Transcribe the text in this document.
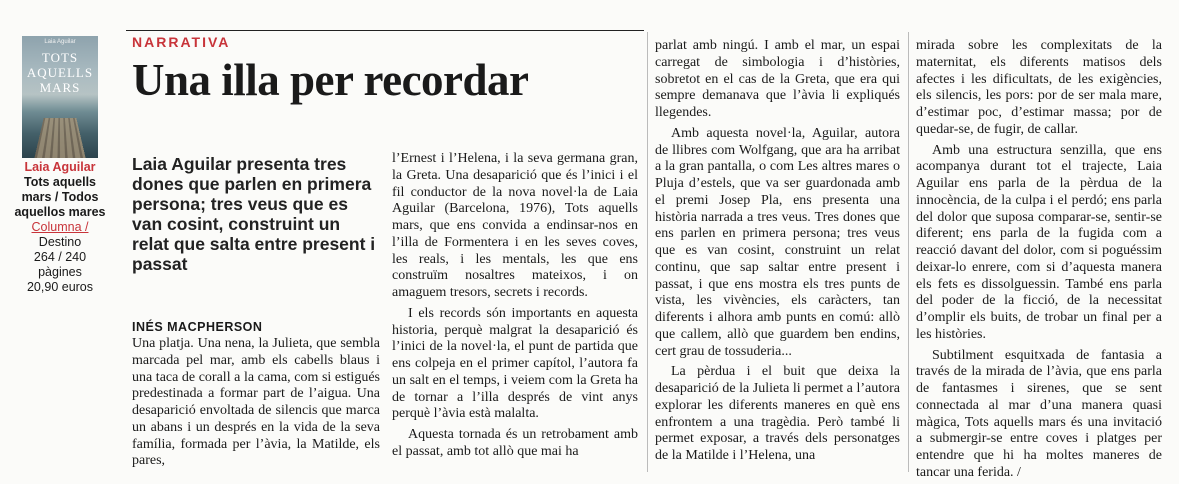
Laia Aguilar
TOTS
AQUELLS
MARS
Laia Aguilar
Tots aquells mars / Todos aquellos mares
Columna /
Destino
264 / 240
pàgines
20,90 euros
NARRATIVA
Una illa per recordar
Laia Aguilar presenta tres dones que parlen en primera persona; tres veus que es van cosint, construint un relat que salta entre present i passat
INÉS MACPHERSON

Una platja. Una nena, la Julieta, que sembla marcada pel mar, amb els cabells blaus i una taca de corall a la cama, com si estigués predestinada a formar part de l’aigua. Una desaparició envoltada de silencis que marca un abans i un després en la vida de la seva família, formada per l’àvia, la Matilde, els pares,

l’Ernest i l’Helena, i la seva germana gran, la Greta. Una desaparició que és l’inici i el fil conductor de la nova novel·la de Laia Aguilar (Barcelona, 1976), Tots aquells mars, que ens convida a endinsar-nos en l’illa de Formentera i en les seves coves, les reals, i les mentals, les que ens construïm nosaltres mateixos, i on amaguem tresors, secrets i records.

I els records són importants en aquesta historia, perquè malgrat la desaparició és l’inici de la novel·la, el punt de partida que ens colpeja en el primer capítol, l’autora fa un salt en el temps, i veiem com la Greta ha de tornar a l’illa després de vint anys perquè l’àvia està malalta.

Aquesta tornada és un retrobament amb el passat, amb tot allò que mai ha

parlat amb ningú. I amb el mar, un espai carregat de simbologia i d’històries, sobretot en el cas de la Greta, que era qui sempre demanava que l’àvia li expliqués llegendes.

Amb aquesta novel·la, Aguilar, autora de llibres com Wolfgang, que ara ha arribat a la gran pantalla, o com Les altres mares o Pluja d’estels, que va ser guardonada amb el premi Josep Pla, ens presenta una història narrada a tres veus. Tres dones que ens parlen en primera persona; tres veus que es van cosint, construint un relat continu, que sap saltar entre present i passat, i que ens mostra els tres punts de vista, les vivències, els caràcters, tan diferents i alhora amb punts en comú: allò que callem, allò que guardem ben endins, cert grau de tossuderia...

La pèrdua i el buit que deixa la desaparició de la Julieta li permet a l’autora explorar les diferents maneres en què ens enfrontem a una tragèdia. Però també li permet exposar, a través dels personatges de la Matilde i l’Helena, una

mirada sobre les complexitats de la maternitat, els diferents matisos dels afectes i les dificultats, de les exigències, els silencis, les pors: por de ser mala mare, d’estimar poc, d’estimar massa; por de quedar-se, de fugir, de callar.

Amb una estructura senzilla, que ens acompanya durant tot el trajecte, Laia Aguilar ens parla de la pèrdua de la innocència, de la culpa i el perdó; ens parla del dolor que suposa comparar-se, sentir-se diferent; ens parla de la fugida com a reacció davant del dolor, com si poguéssim deixar-lo enrere, com si d’aquesta manera els fets es dissolguessin. També ens parla del poder de la ficció, de la necessitat d’omplir els buits, de trobar un final per a les històries.

Subtilment esquitxada de fantasia a través de la mirada de l’àvia, que ens parla de fantasmes i sirenes, que se sent connectada al mar d’una manera quasi màgica, Tots aquells mars és una invitació a submergir-se entre coves i platges per entendre que hi ha moltes maneres de tancar una ferida. /
